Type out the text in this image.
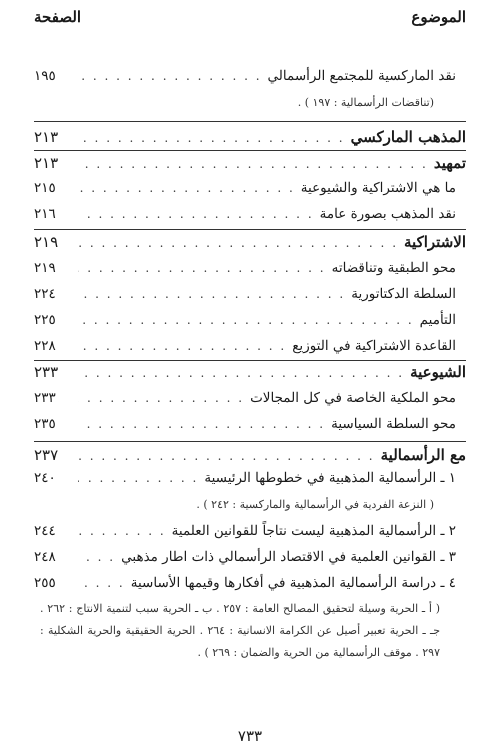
الموضوع
الصفحة
نقد الماركسية للمجتمع الرأسمالي
. . .
١٩٥
(تناقضات الرأسمالية : ١٩٧ ) .
المذهب الماركسي
. . .
٢١٣
تمهيد
. . .
٢١٣
ما هي الاشتراكية والشيوعية
. . .
٢١٥
نقد المذهب بصورة عامة
. . .
٢١٦
الاشتراكية
. . .
٢١٩
محو الطبقية وتناقضاته
. . .
٢١٩
السلطة الدكتاتورية
. . .
٢٢٤
التأميم
. . .
٢٢٥
القاعدة الاشتراكية في التوزيع
. . .
٢٢٨
الشيوعية
. . .
٢٣٣
محو الملكية الخاصة في كل المجالات
. . .
٢٣٣
محو السلطة السياسية
. . .
٢٣٥
مع الرأسمالية
. . .
٢٣٧
١ ـ الرأسمالية المذهبية في خطوطها الرئيسية
. . .
٢٤٠
( النزعة الفردية في الرأسمالية والماركسية : ٢٤٢ ) .
٢ ـ الرأسمالية المذهبية ليست نتاجاً للقوانين العلمية
. . .
٢٤٤
٣ ـ القوانين العلمية في الاقتصاد الرأسمالي ذات اطار مذهبي
. . .
٢٤٨
٤ ـ دراسة الرأسمالية المذهبية في أفكارها وقيمها الأساسية
. . .
٢٥٥
( أ ـ الحرية وسيلة لتحقيق المصالح العامة : ٢٥٧ . ب ـ الحرية سبب لتنمية الانتاج : ٢٦٢ . جـ ـ الحرية تعبير أصيل عن الكرامة الانسانية : ٢٦٤ . الحرية الحقيقية والحرية الشكلية : ٢٩٧ . موقف الرأسمالية من الحرية والضمان : ٢٦٩ ) .
٧٣٣
